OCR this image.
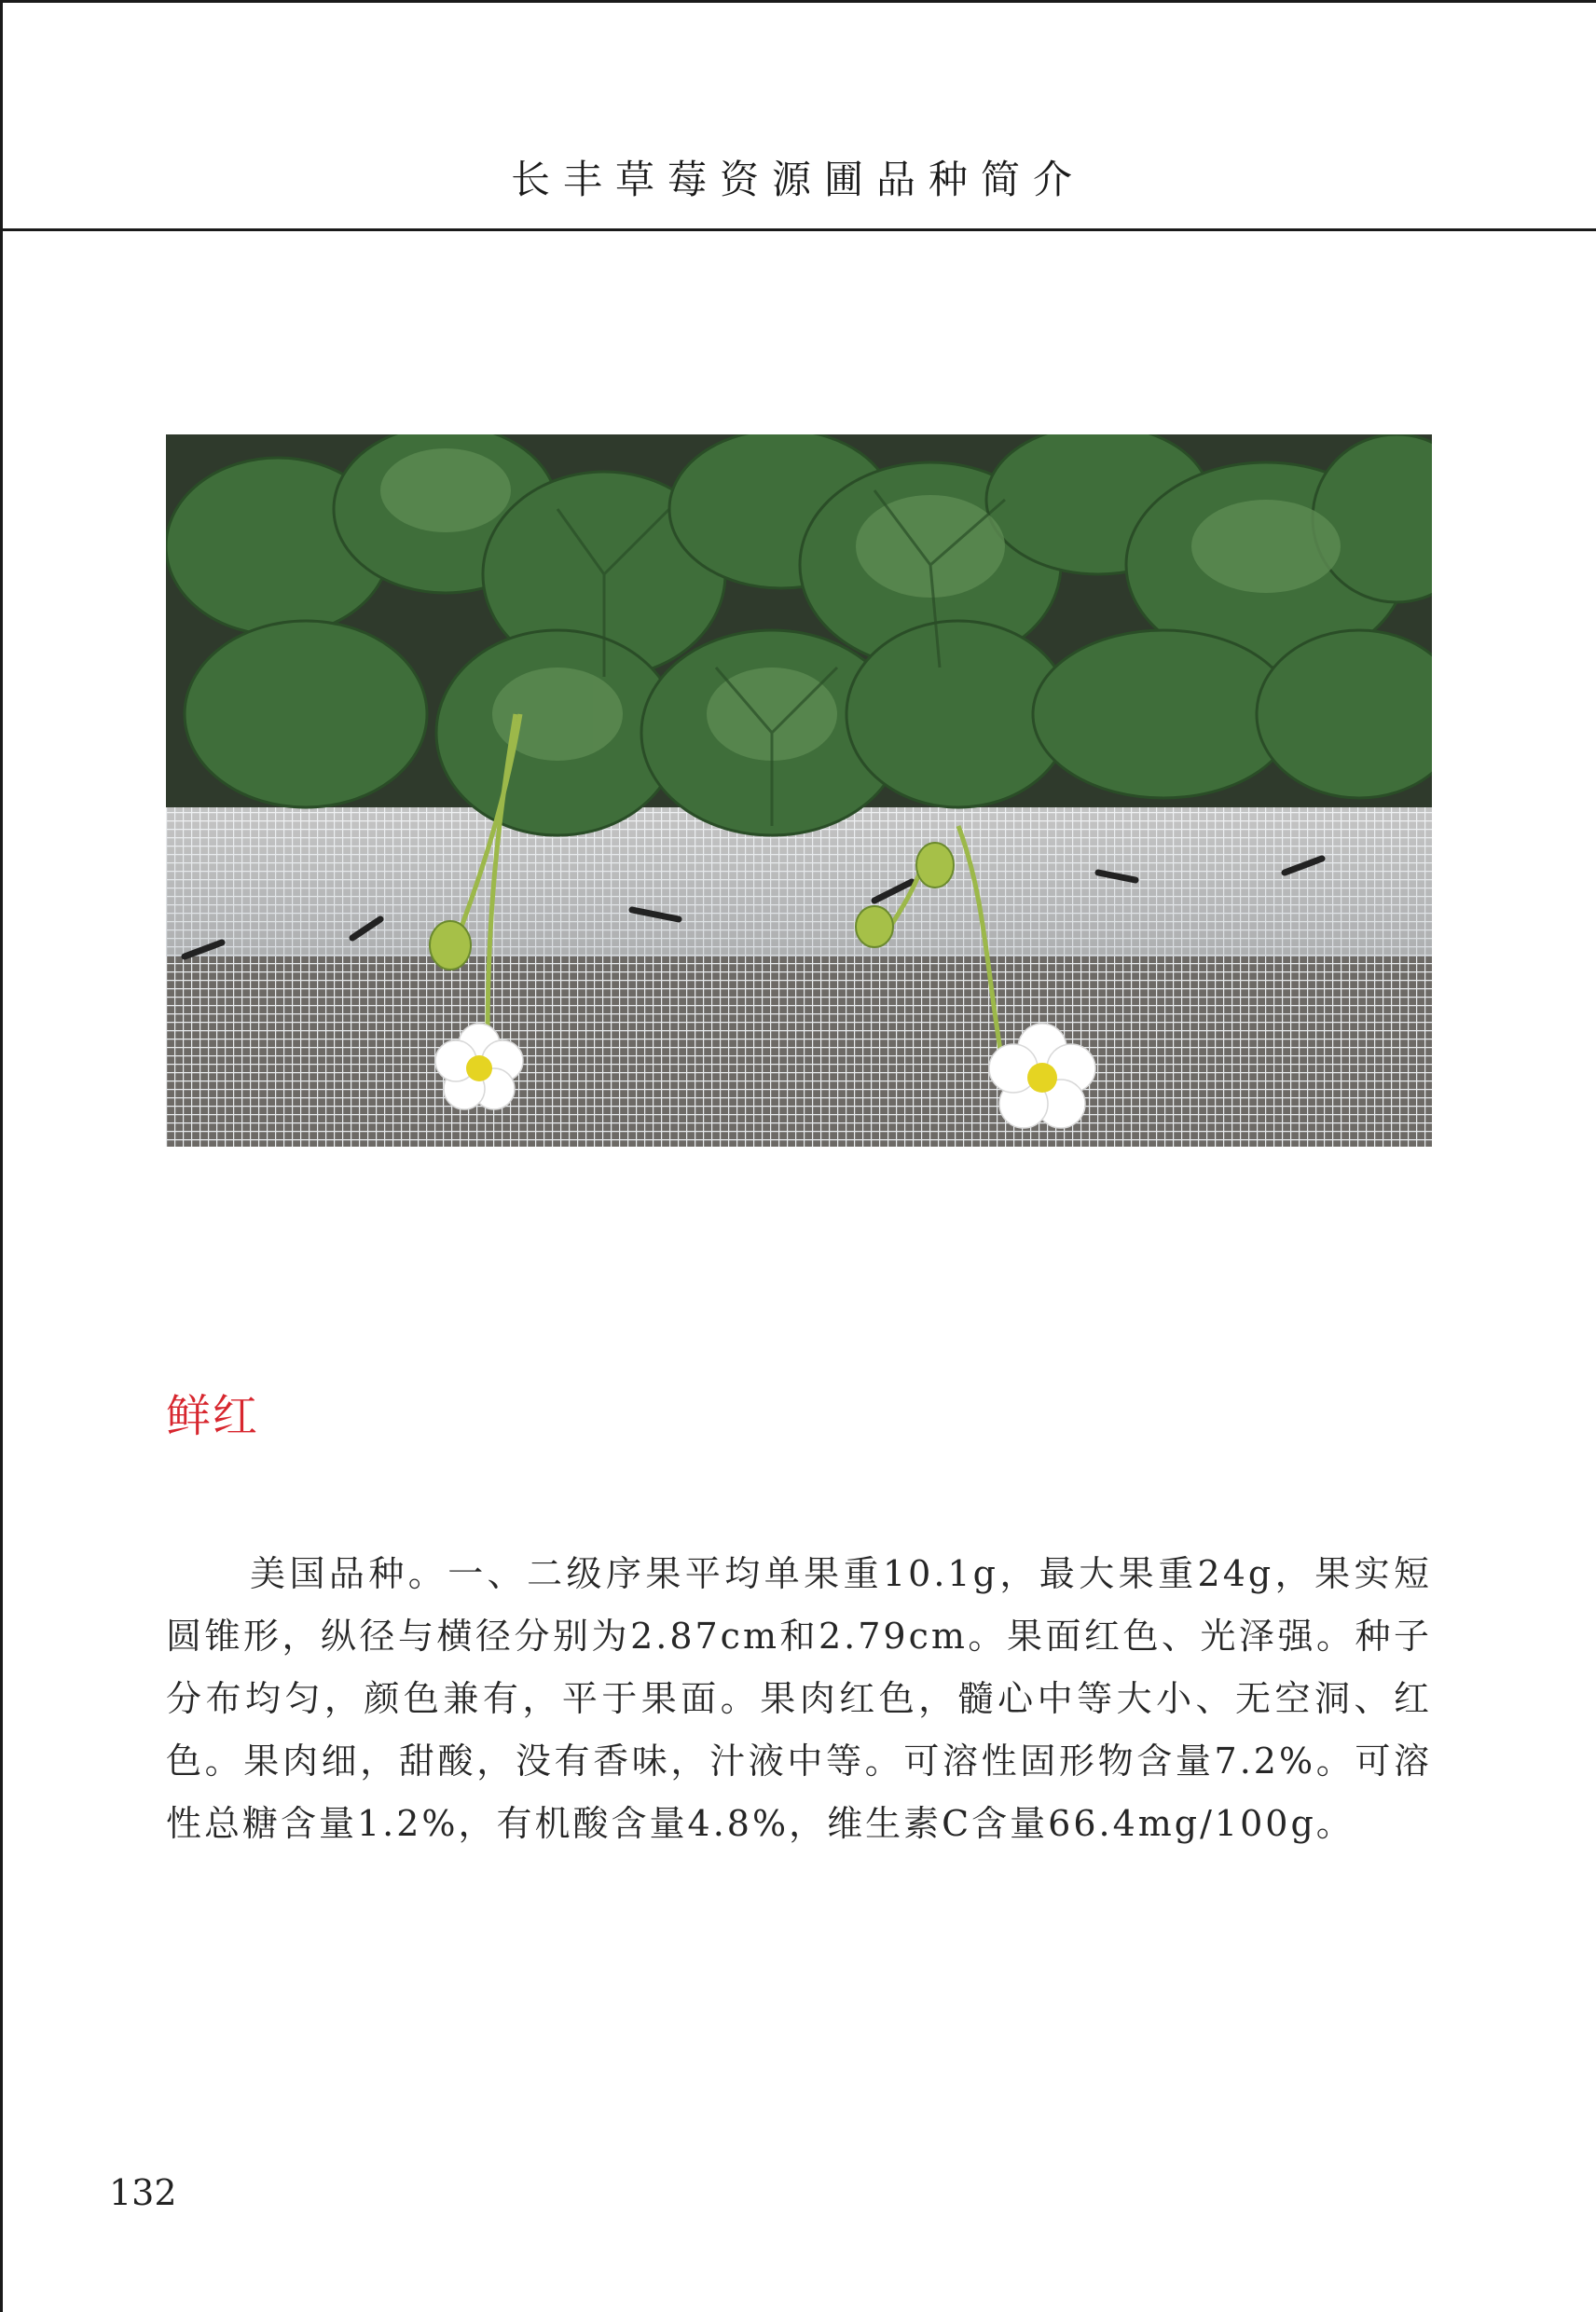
长丰草莓资源圃品种简介
鲜红
美国品种。一、二级序果平均单果重10.1g，最大果重24g，果实短圆锥形，纵径与横径分别为2.87cm和2.79cm。果面红色、光泽强。种子分布均匀，颜色兼有，平于果面。果肉红色，髓心中等大小、无空洞、红色。果肉细，甜酸，没有香味，汁液中等。可溶性固形物含量7.2%。可溶性总糖含量1.2%，有机酸含量4.8%，维生素C含量66.4mg/100g。
132
